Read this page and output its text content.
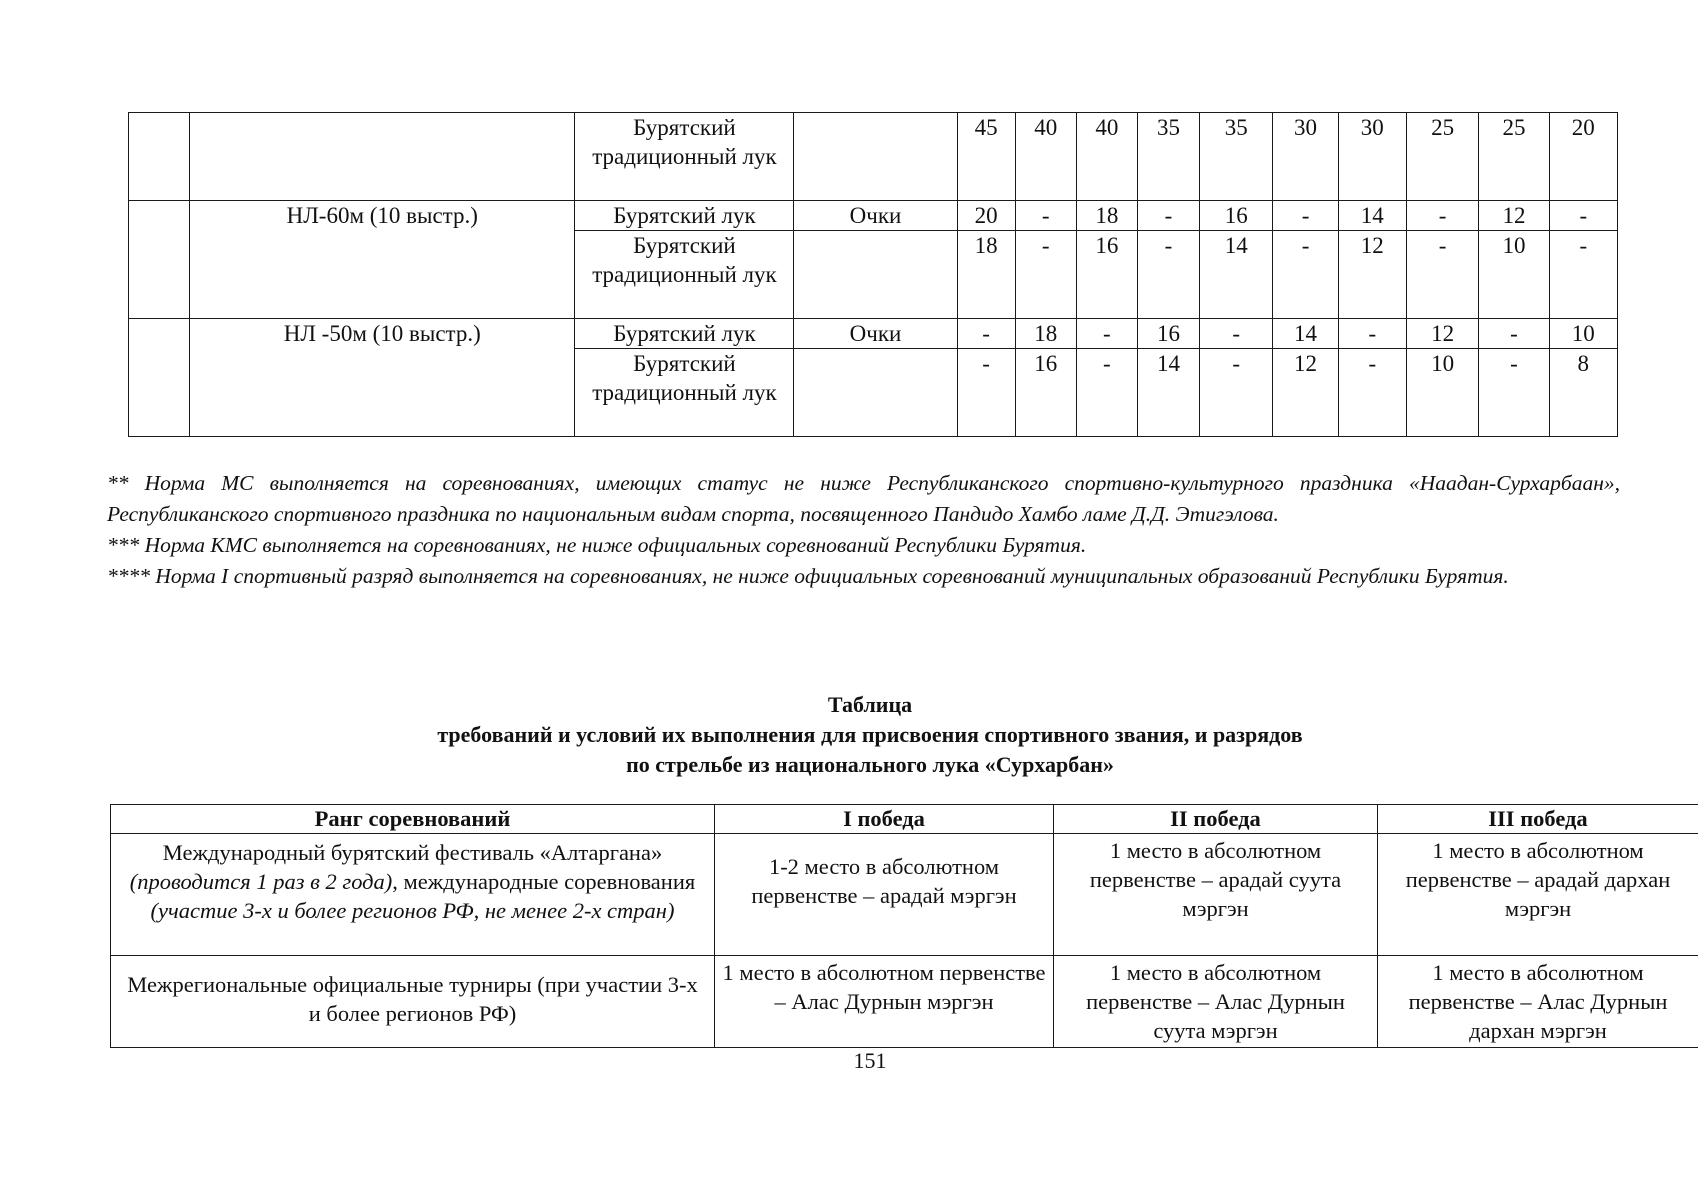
		Бурятский традиционный лук		45	40	40	35	35	30	30	25	25	20
	НЛ-60м (10 выстр.)	Бурятский лук	Очки	20	-	18	-	16	-	14	-	12	-
		Бурятский традиционный лук		18	-	16	-	14	-	12	-	10	-
	НЛ -50м (10 выстр.)	Бурятский лук	Очки	-	18	-	16	-	14	-	12	-	10
		Бурятский традиционный лук		-	16	-	14	-	12	-	10	-	8

** Норма МС выполняется на соревнованиях, имеющих статус не ниже Республиканского спортивно-культурного праздника «Наадан-Сурхарбаан», Республиканского спортивного праздника по национальным видам спорта, посвященного Пандидо Хамбо ламе Д.Д. Этигэлова.

*** Норма КМС выполняется на соревнованиях, не ниже официальных соревнований Республики Бурятия.

**** Норма I спортивный разряд выполняется на соревнованиях, не ниже официальных соревнований муниципальных образований Республики Бурятия.

Таблица
требований и условий их выполнения для присвоения спортивного звания, и разрядов
по стрельбе из национального лука «Сурхарбан»
Ранг соревнований	I победа	II победа	III победа
Международный бурятский фестиваль «Алтаргана» (проводится 1 раз в 2 года), международные соревнования (участие 3-х и более регионов РФ, не менее 2-х стран)	1-2 место в абсолютном первенстве – арадай мэргэн	1 место в абсолютном первенстве – арадай суута мэргэн	1 место в абсолютном первенстве – арадай дархан мэргэн
Межрегиональные официальные турниры (при участии 3-х и более регионов РФ)	1 место в абсолютном первенстве – Алас Дурнын мэргэн	1 место в абсолютном первенстве – Алас Дурнын суута мэргэн	1 место в абсолютном первенстве – Алас Дурнын дархан мэргэн
151
